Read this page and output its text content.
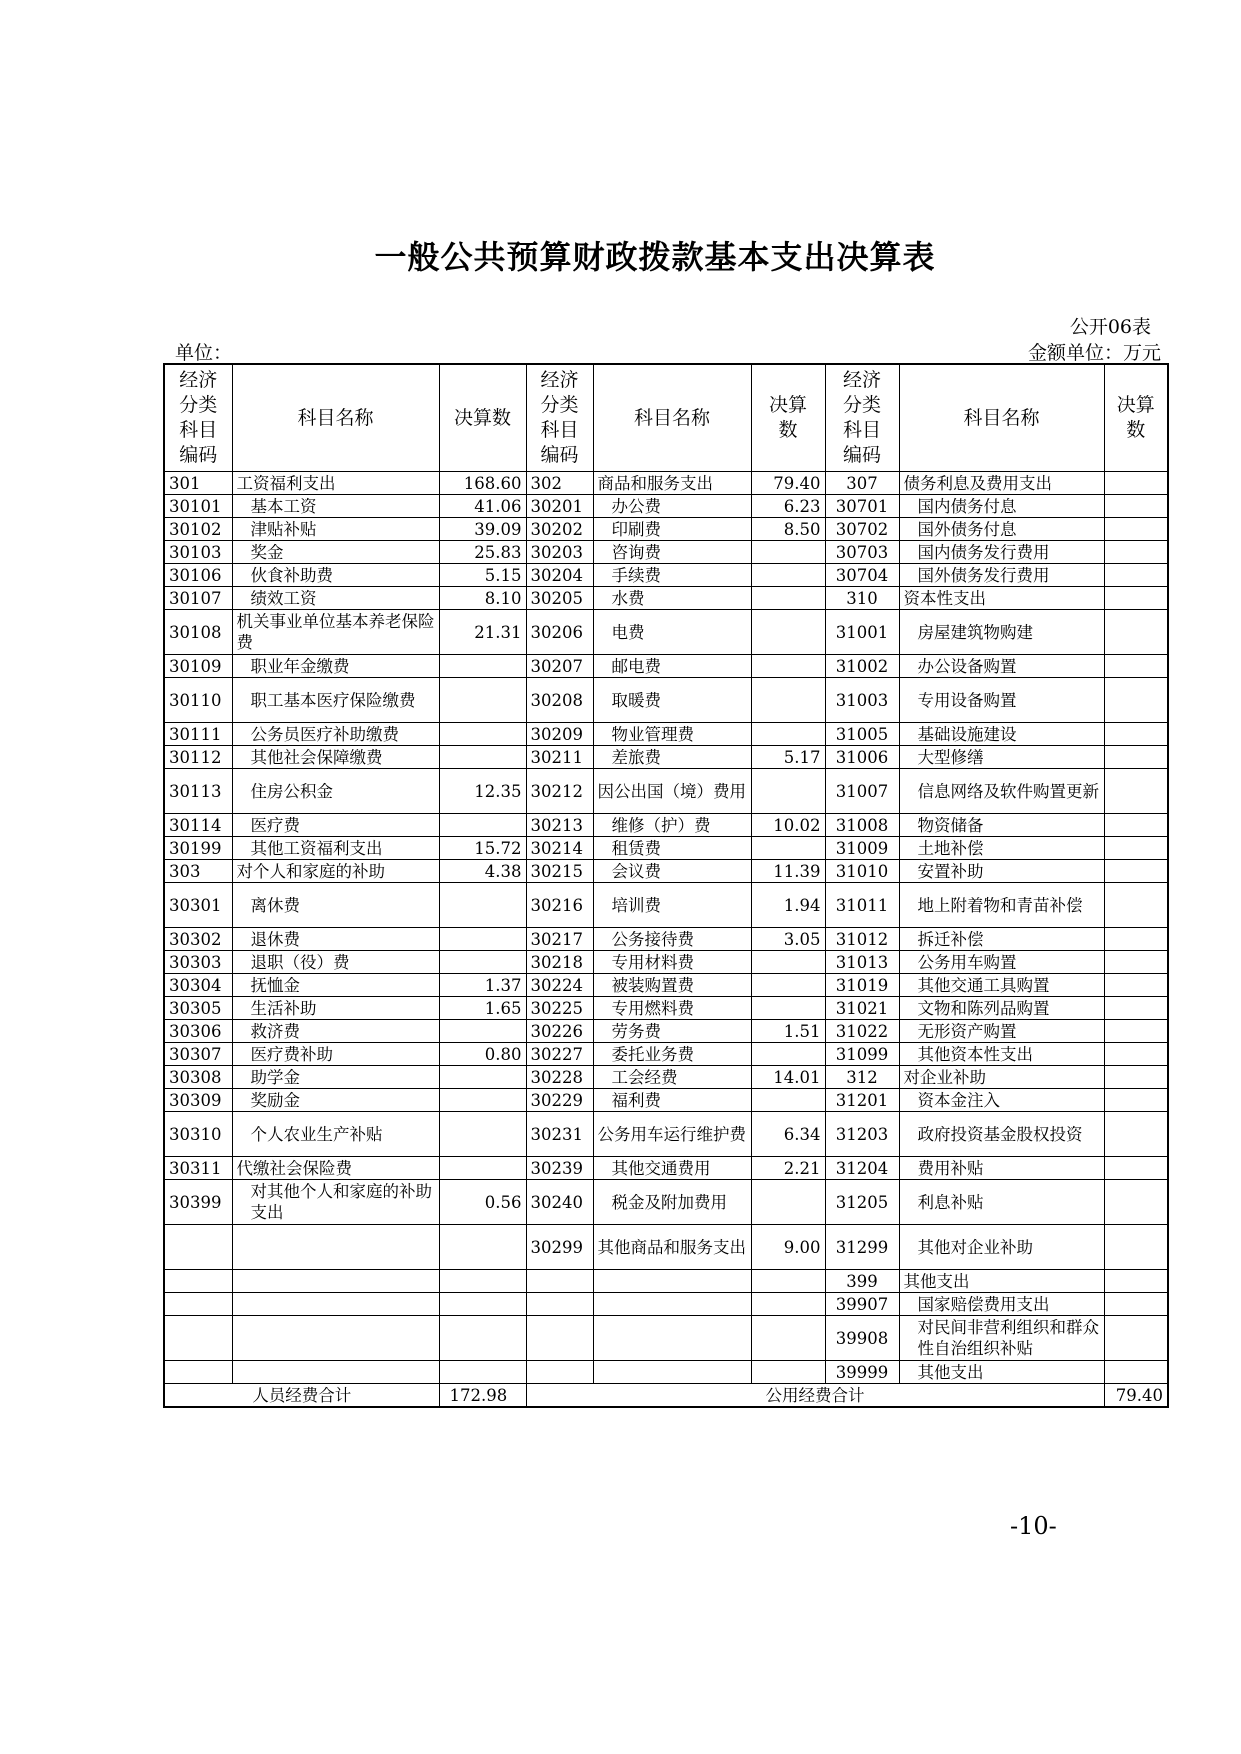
一般公共预算财政拨款基本支出决算表
公开06表
单位：	金额单位：万元
经济分类科目编码	科目名称	决算数	经济分类科目编码	科目名称	决算数	经济分类科目编码	科目名称	决算数
301	工资福利支出	168.60	302	商品和服务支出	79.40	307	债务利息及费用支出	
30101	基本工资	41.06	30201	办公费	6.23	30701	国内债务付息	
30102	津贴补贴	39.09	30202	印刷费	8.50	30702	国外债务付息	
30103	奖金	25.83	30203	咨询费		30703	国内债务发行费用	
30106	伙食补助费	5.15	30204	手续费		30704	国外债务发行费用	
30107	绩效工资	8.10	30205	水费		310	资本性支出	
30108	机关事业单位基本养老保险费	21.31	30206	电费		31001	房屋建筑物购建	
30109	职业年金缴费		30207	邮电费		31002	办公设备购置	
30110	职工基本医疗保险缴费		30208	取暖费		31003	专用设备购置	
30111	公务员医疗补助缴费		30209	物业管理费		31005	基础设施建设	
30112	其他社会保障缴费		30211	差旅费	5.17	31006	大型修缮	
30113	住房公积金	12.35	30212	因公出国（境）费用		31007	信息网络及软件购置更新	
30114	医疗费		30213	维修（护）费	10.02	31008	物资储备	
30199	其他工资福利支出	15.72	30214	租赁费		31009	土地补偿	
303	对个人和家庭的补助	4.38	30215	会议费	11.39	31010	安置补助	
30301	离休费		30216	培训费	1.94	31011	地上附着物和青苗补偿	
30302	退休费		30217	公务接待费	3.05	31012	拆迁补偿	
30303	退职（役）费		30218	专用材料费		31013	公务用车购置	
30304	抚恤金	1.37	30224	被装购置费		31019	其他交通工具购置	
30305	生活补助	1.65	30225	专用燃料费		31021	文物和陈列品购置	
30306	救济费		30226	劳务费	1.51	31022	无形资产购置	
30307	医疗费补助	0.80	30227	委托业务费		31099	其他资本性支出	
30308	助学金		30228	工会经费	14.01	312	对企业补助	
30309	奖励金		30229	福利费		31201	资本金注入	
30310	个人农业生产补贴		30231	公务用车运行维护费	6.34	31203	政府投资基金股权投资	
30311	代缴社会保险费		30239	其他交通费用	2.21	31204	费用补贴	
30399	对其他个人和家庭的补助支出	0.56	30240	税金及附加费用		31205	利息补贴	
			30299	其他商品和服务支出	9.00	31299	其他对企业补助	
						399	其他支出	
						39907	国家赔偿费用支出	
						39908	对民间非营利组织和群众性自治组织补贴	
						39999	其他支出	
人员经费合计		172.98	公用经费合计					79.40
-10-
